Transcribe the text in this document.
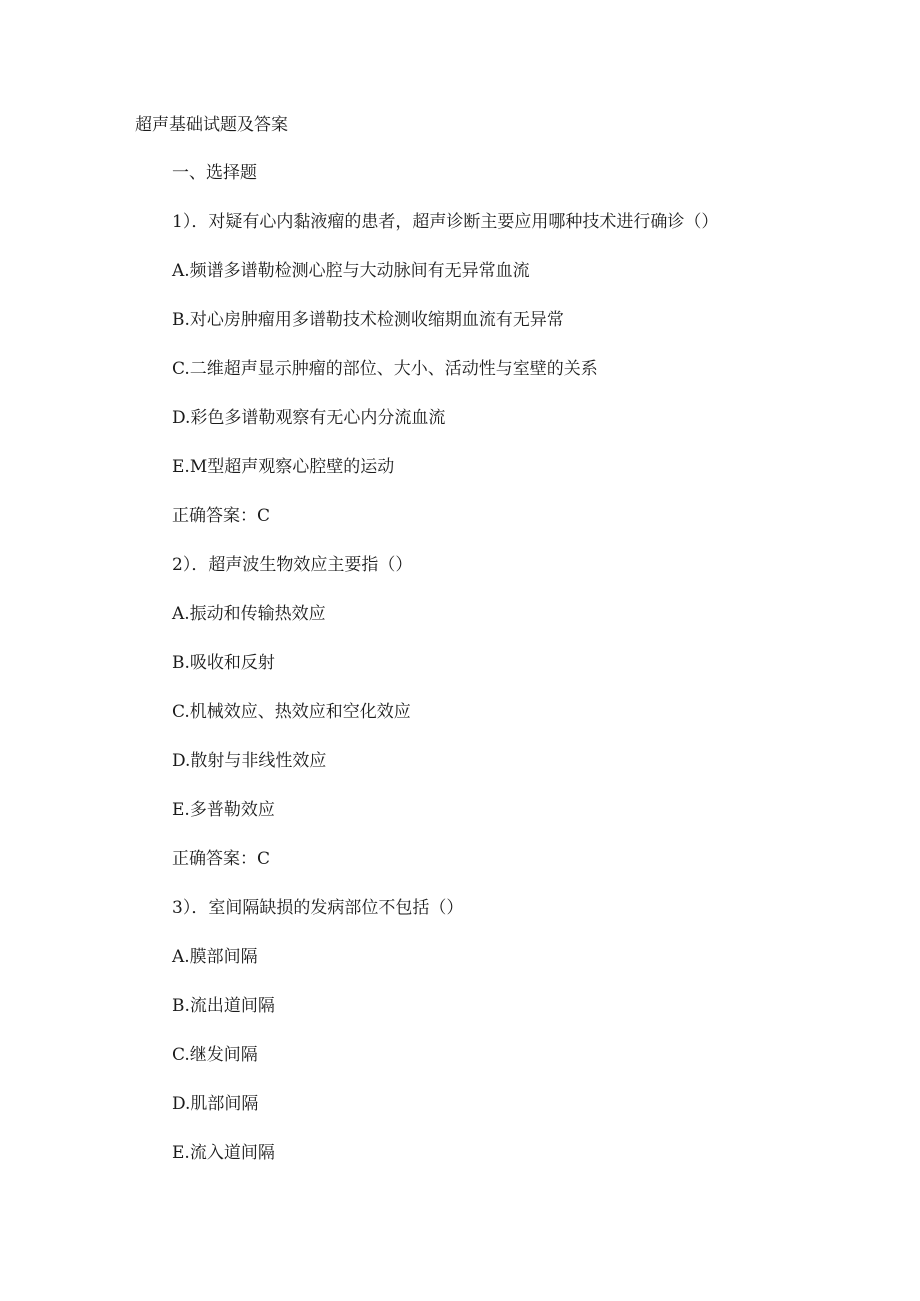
超声基础试题及答案
一、选择题
1）．对疑有心内黏液瘤的患者，超声诊断主要应用哪种技术进行确诊（）
A.频谱多谱勒检测心腔与大动脉间有无异常血流
B.对心房肿瘤用多谱勒技术检测收缩期血流有无异常
C.二维超声显示肿瘤的部位、大小、活动性与室壁的关系
D.彩色多谱勒观察有无心内分流血流
E.M型超声观察心腔壁的运动
正确答案：C
2）．超声波生物效应主要指（）
A.振动和传输热效应
B.吸收和反射
C.机械效应、热效应和空化效应
D.散射与非线性效应
E.多普勒效应
正确答案：C
3）．室间隔缺损的发病部位不包括（）
A.膜部间隔
B.流出道间隔
C.继发间隔
D.肌部间隔
E.流入道间隔
